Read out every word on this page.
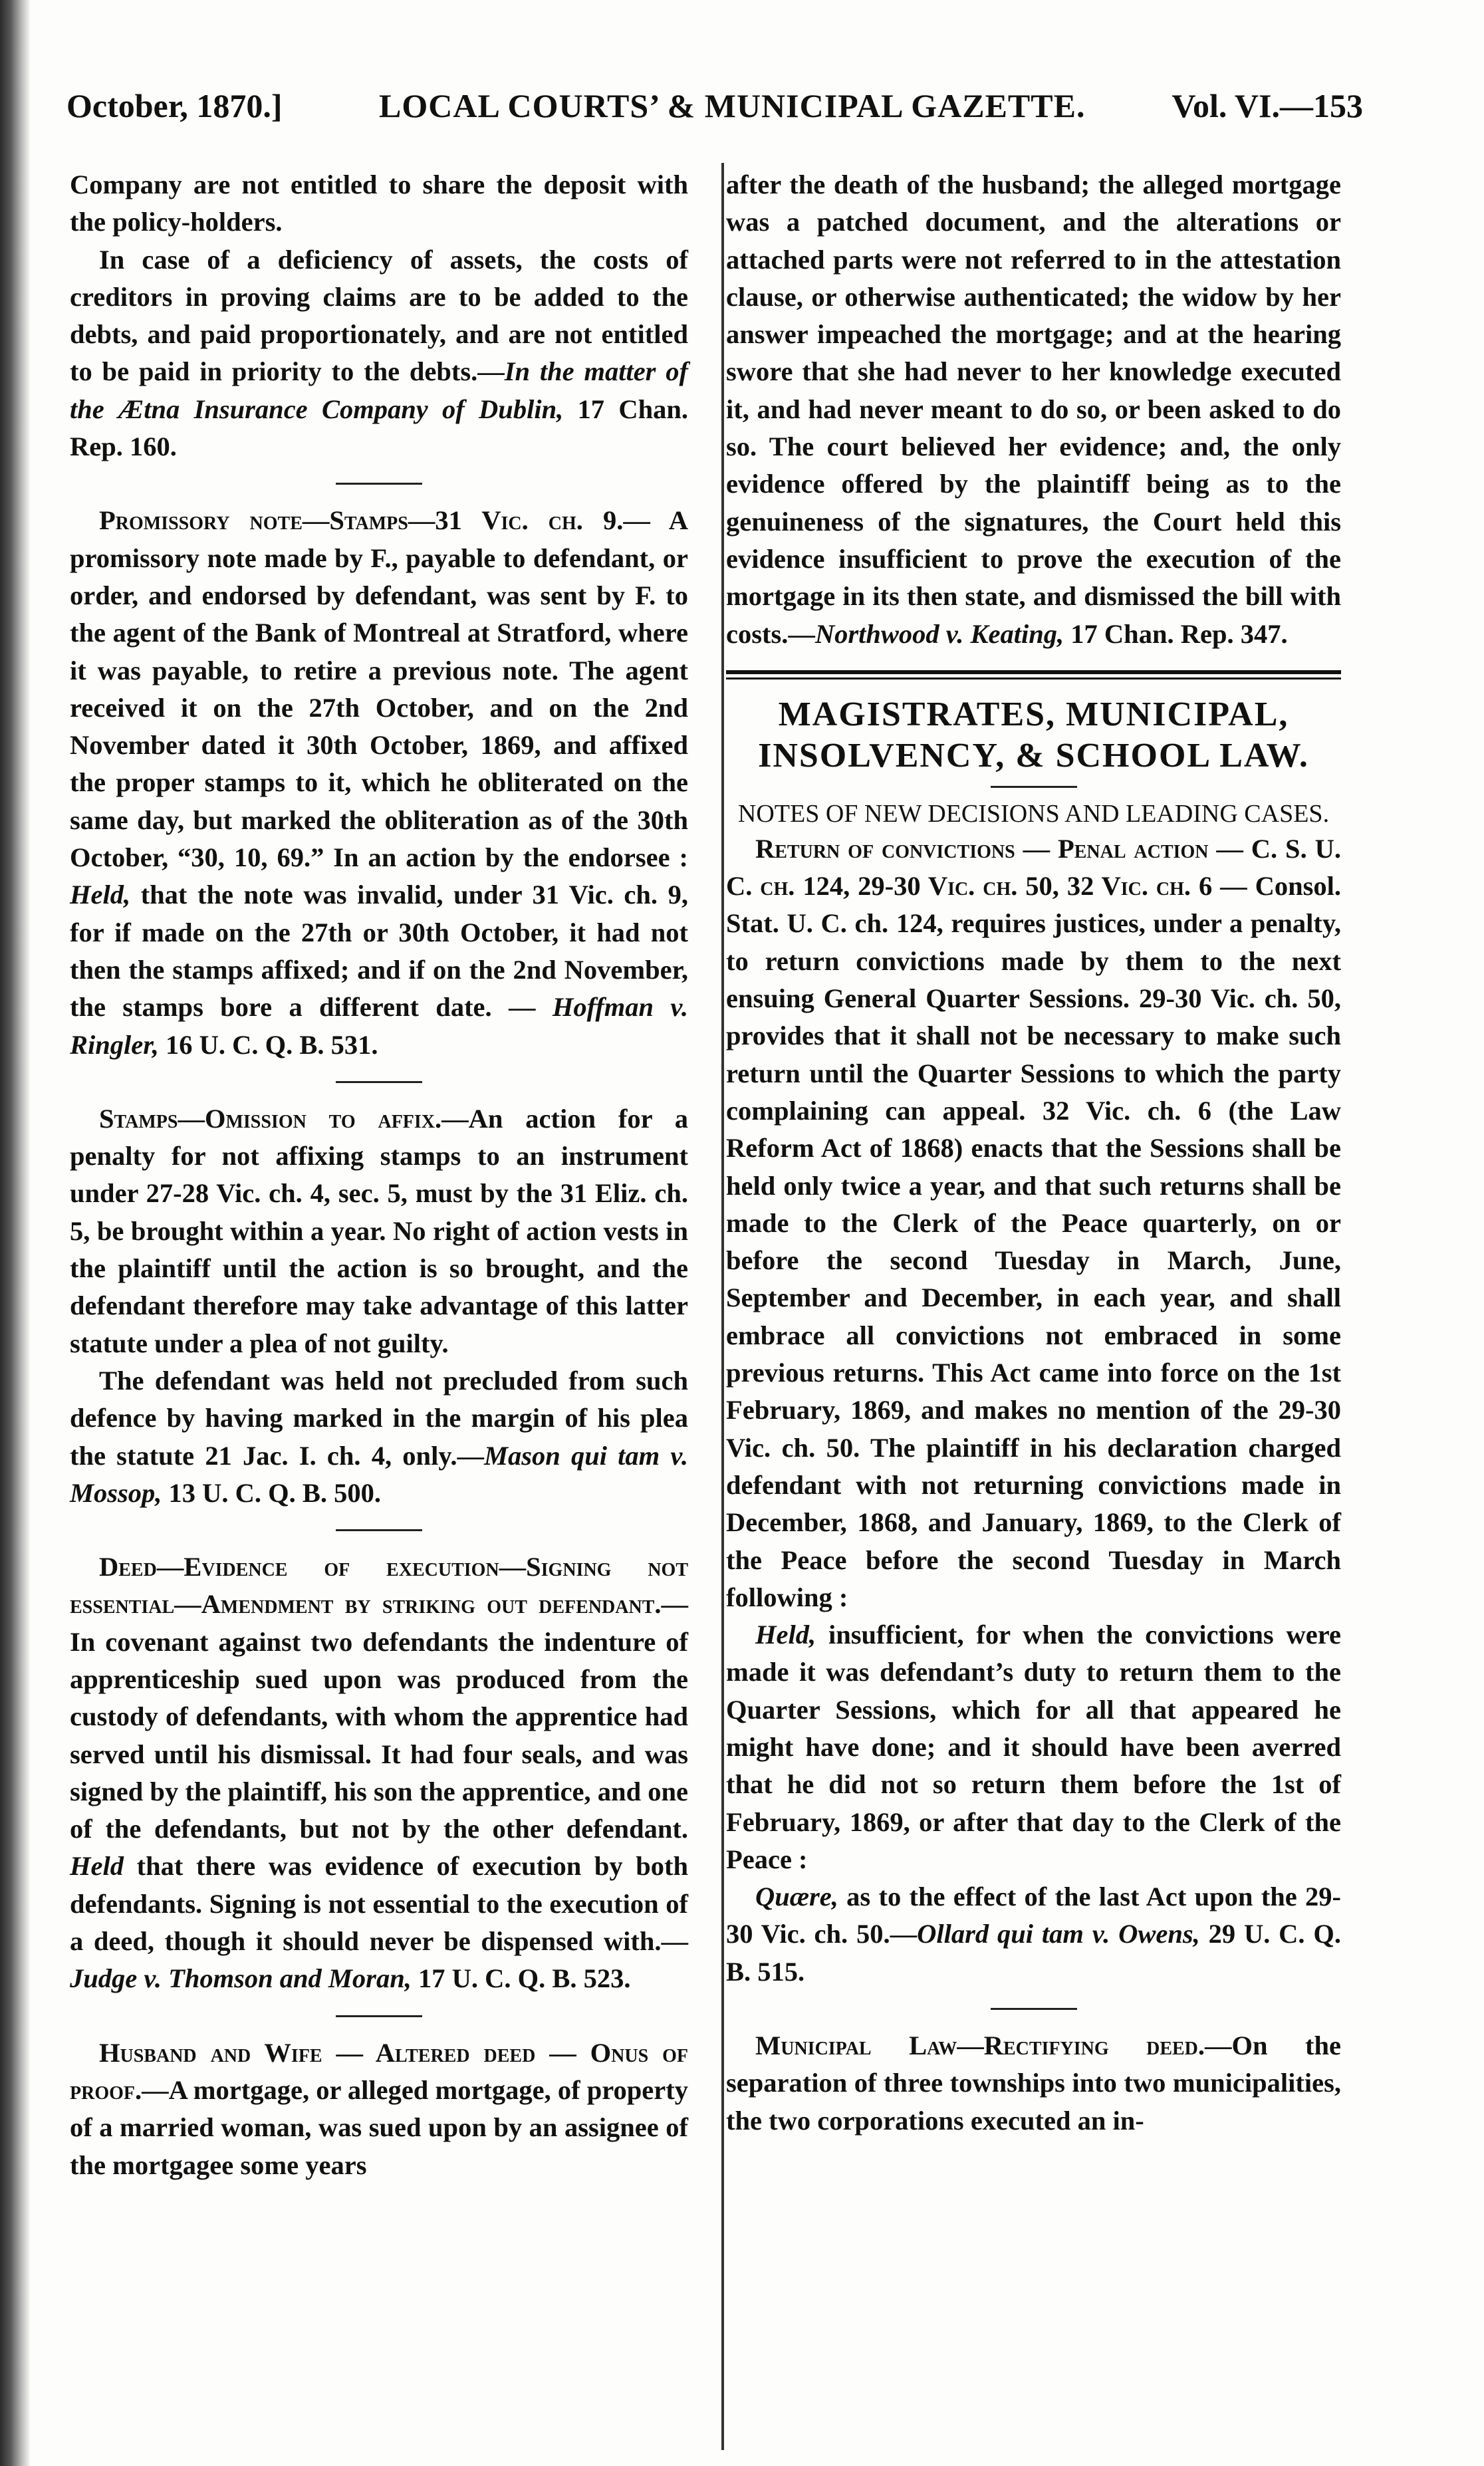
October, 1870.]	LOCAL COURTS’ & MUNICIPAL GAZETTE.	Vol. VI.—153

Company are not entitled to share the deposit with the policy-holders.

In case of a deficiency of assets, the costs of creditors in proving claims are to be added to the debts, and paid proportionately, and are not entitled to be paid in priority to the debts.—In the matter of the Ætna Insurance Company of Dublin, 17 Chan. Rep. 160.

Promissory note—Stamps—31 Vic. ch. 9.— A promissory note made by F., payable to defendant, or order, and endorsed by defendant, was sent by F. to the agent of the Bank of Montreal at Stratford, where it was payable, to retire a previous note. The agent received it on the 27th October, and on the 2nd November dated it 30th October, 1869, and affixed the proper stamps to it, which he obliterated on the same day, but marked the obliteration as of the 30th October, “30, 10, 69.” In an action by the endorsee : Held, that the note was invalid, under 31 Vic. ch. 9, for if made on the 27th or 30th October, it had not then the stamps affixed; and if on the 2nd November, the stamps bore a different date. — Hoffman v. Ringler, 16 U. C. Q. B. 531.

Stamps—Omission to affix.—An action for a penalty for not affixing stamps to an instrument under 27-28 Vic. ch. 4, sec. 5, must by the 31 Eliz. ch. 5, be brought within a year. No right of action vests in the plaintiff until the action is so brought, and the defendant therefore may take advantage of this latter statute under a plea of not guilty.

The defendant was held not precluded from such defence by having marked in the margin of his plea the statute 21 Jac. I. ch. 4, only.—Mason qui tam v. Mossop, 13 U. C. Q. B. 500.

Deed—Evidence of execution—Signing not essential—Amendment by striking out defendant.—In covenant against two defendants the indenture of apprenticeship sued upon was produced from the custody of defendants, with whom the apprentice had served until his dismissal. It had four seals, and was signed by the plaintiff, his son the apprentice, and one of the defendants, but not by the other defendant. Held that there was evidence of execution by both defendants. Signing is not essential to the execution of a deed, though it should never be dispensed with.—Judge v. Thomson and Moran, 17 U. C. Q. B. 523.

Husband and Wife — Altered deed — Onus of proof.—A mortgage, or alleged mortgage, of property of a married woman, was sued upon by an assignee of the mortgagee some years

after the death of the husband; the alleged mortgage was a patched document, and the alterations or attached parts were not referred to in the attestation clause, or otherwise authenticated; the widow by her answer impeached the mortgage; and at the hearing swore that she had never to her knowledge executed it, and had never meant to do so, or been asked to do so. The court believed her evidence; and, the only evidence offered by the plaintiff being as to the genuineness of the signatures, the Court held this evidence insufficient to prove the execution of the mortgage in its then state, and dismissed the bill with costs.—Northwood v. Keating, 17 Chan. Rep. 347.

MAGISTRATES, MUNICIPAL, INSOLVENCY, & SCHOOL LAW.
NOTES OF NEW DECISIONS AND LEADING CASES.

Return of convictions — Penal action — C. S. U. C. ch. 124, 29-30 Vic. ch. 50, 32 Vic. ch. 6 — Consol. Stat. U. C. ch. 124, requires justices, under a penalty, to return convictions made by them to the next ensuing General Quarter Sessions. 29-30 Vic. ch. 50, provides that it shall not be necessary to make such return until the Quarter Sessions to which the party complaining can appeal. 32 Vic. ch. 6 (the Law Reform Act of 1868) enacts that the Sessions shall be held only twice a year, and that such returns shall be made to the Clerk of the Peace quarterly, on or before the second Tuesday in March, June, September and December, in each year, and shall embrace all convictions not embraced in some previous returns. This Act came into force on the 1st February, 1869, and makes no mention of the 29-30 Vic. ch. 50. The plaintiff in his declaration charged defendant with not returning convictions made in December, 1868, and January, 1869, to the Clerk of the Peace before the second Tuesday in March following :

Held, insufficient, for when the convictions were made it was defendant’s duty to return them to the Quarter Sessions, which for all that appeared he might have done; and it should have been averred that he did not so return them before the 1st of February, 1869, or after that day to the Clerk of the Peace :

Quære, as to the effect of the last Act upon the 29-30 Vic. ch. 50.—Ollard qui tam v. Owens, 29 U. C. Q. B. 515.

Municipal Law—Rectifying deed.—On the separation of three townships into two municipalities, the two corporations executed an in-
